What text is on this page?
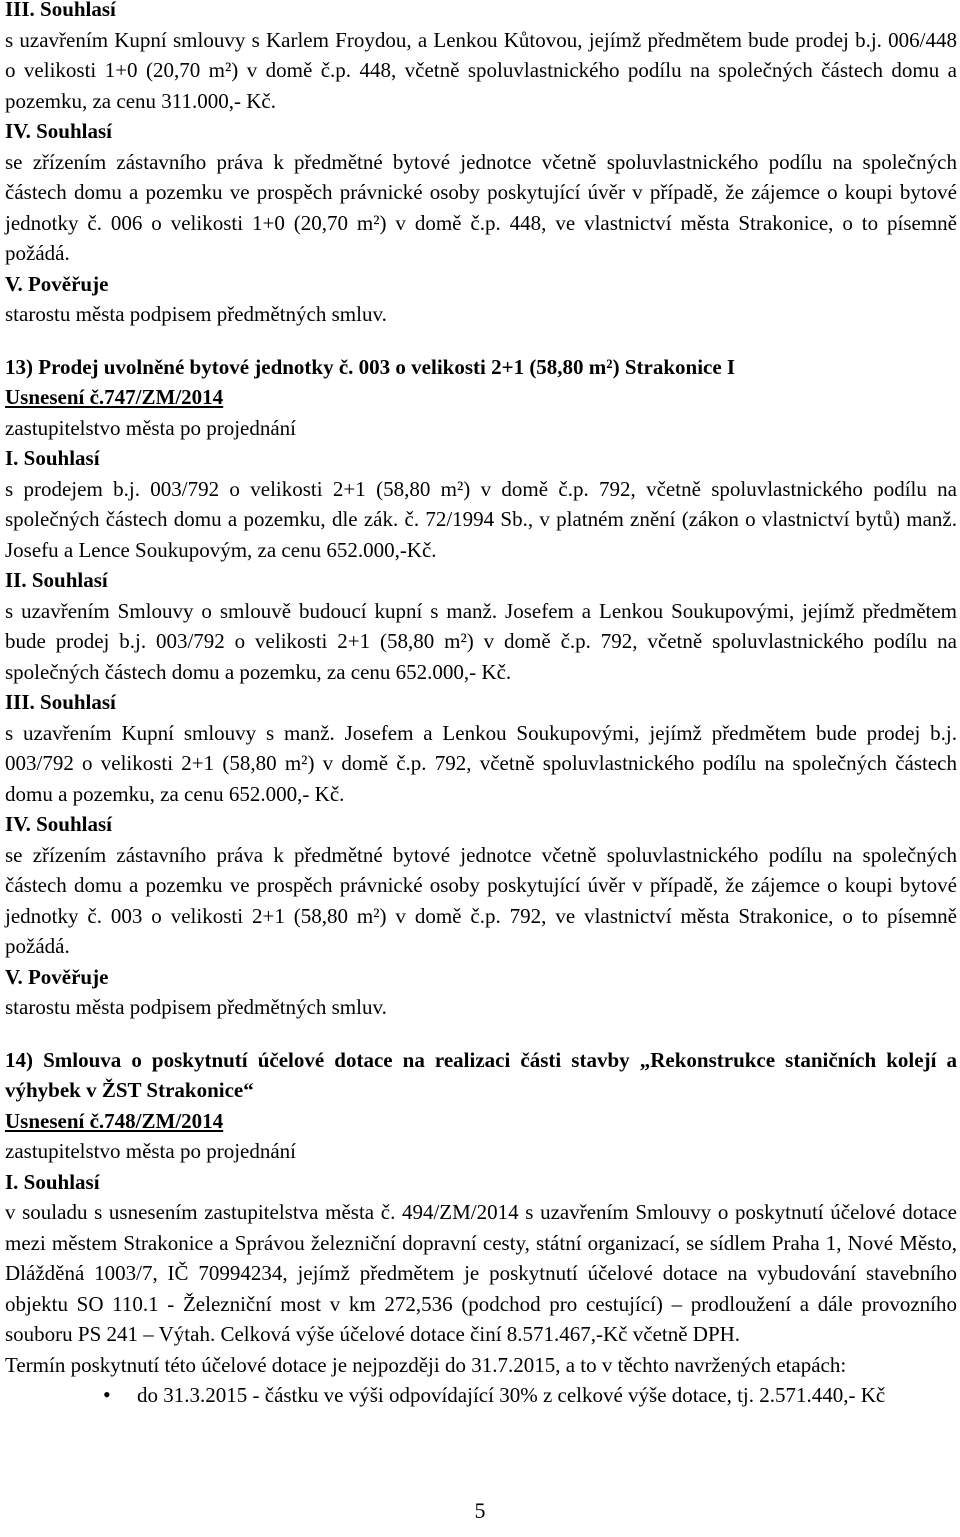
III. Souhlasí

s uzavřením Kupní smlouvy s Karlem Froydou, a Lenkou Kůtovou, jejímž předmětem bude prodej b.j. 006/448 o velikosti 1+0 (20,70 m²) v domě č.p. 448, včetně spoluvlastnického podílu na společných částech domu a pozemku, za cenu 311.000,- Kč.

IV. Souhlasí

se zřízením zástavního práva k předmětné bytové jednotce včetně spoluvlastnického podílu na společných částech domu a pozemku ve prospěch právnické osoby poskytující úvěr v případě, že zájemce o koupi bytové jednotky č. 006 o velikosti 1+0 (20,70 m²) v domě č.p. 448, ve vlastnictví města Strakonice, o to písemně požádá.

V. Pověřuje

starostu města podpisem předmětných smluv.

13) Prodej uvolněné bytové jednotky č. 003 o velikosti 2+1 (58,80 m²) Strakonice I

Usnesení č.747/ZM/2014

zastupitelstvo města po projednání

I. Souhlasí

s prodejem b.j. 003/792 o velikosti 2+1 (58,80 m²) v domě č.p. 792, včetně spoluvlastnického podílu na společných částech domu a pozemku, dle zák. č. 72/1994 Sb., v platném znění (zákon o vlastnictví bytů) manž. Josefu a Lence Soukupovým, za cenu 652.000,-Kč.

II. Souhlasí

s uzavřením Smlouvy o smlouvě budoucí kupní s manž. Josefem a Lenkou Soukupovými, jejímž předmětem bude prodej b.j. 003/792 o velikosti 2+1 (58,80 m²) v domě č.p. 792, včetně spoluvlastnického podílu na společných částech domu a pozemku, za cenu 652.000,- Kč.

III. Souhlasí

s uzavřením Kupní smlouvy s manž. Josefem a Lenkou Soukupovými, jejímž předmětem bude prodej b.j. 003/792 o velikosti 2+1 (58,80 m²) v domě č.p. 792, včetně spoluvlastnického podílu na společných částech domu a pozemku, za cenu 652.000,- Kč.

IV. Souhlasí

se zřízením zástavního práva k předmětné bytové jednotce včetně spoluvlastnického podílu na společných částech domu a pozemku ve prospěch právnické osoby poskytující úvěr v případě, že zájemce o koupi bytové jednotky č. 003 o velikosti 2+1 (58,80 m²) v domě č.p. 792, ve vlastnictví města Strakonice, o to písemně požádá.

V. Pověřuje

starostu města podpisem předmětných smluv.

14) Smlouva o poskytnutí účelové dotace na realizaci části stavby „Rekonstrukce staničních kolejí a výhybek v ŽST Strakonice“

Usnesení č.748/ZM/2014

zastupitelstvo města po projednání

I. Souhlasí

v souladu s usnesením zastupitelstva města č. 494/ZM/2014 s uzavřením Smlouvy o poskytnutí účelové dotace mezi městem Strakonice a Správou železniční dopravní cesty, státní organizací, se sídlem Praha 1, Nové Město, Dlážděná 1003/7, IČ 70994234, jejímž předmětem je poskytnutí účelové dotace na vybudování stavebního objektu SO 110.1 - Železniční most v km 272,536 (podchod pro cestující) – prodloužení a dále provozního souboru PS 241 – Výtah. Celková výše účelové dotace činí 8.571.467,-Kč včetně DPH.

Termín poskytnutí této účelové dotace je nejpozději do 31.7.2015, a to v těchto navržených etapách:

• do 31.3.2015 - částku ve výši odpovídající 30% z celkové výše dotace, tj. 2.571.440,- Kč
5
